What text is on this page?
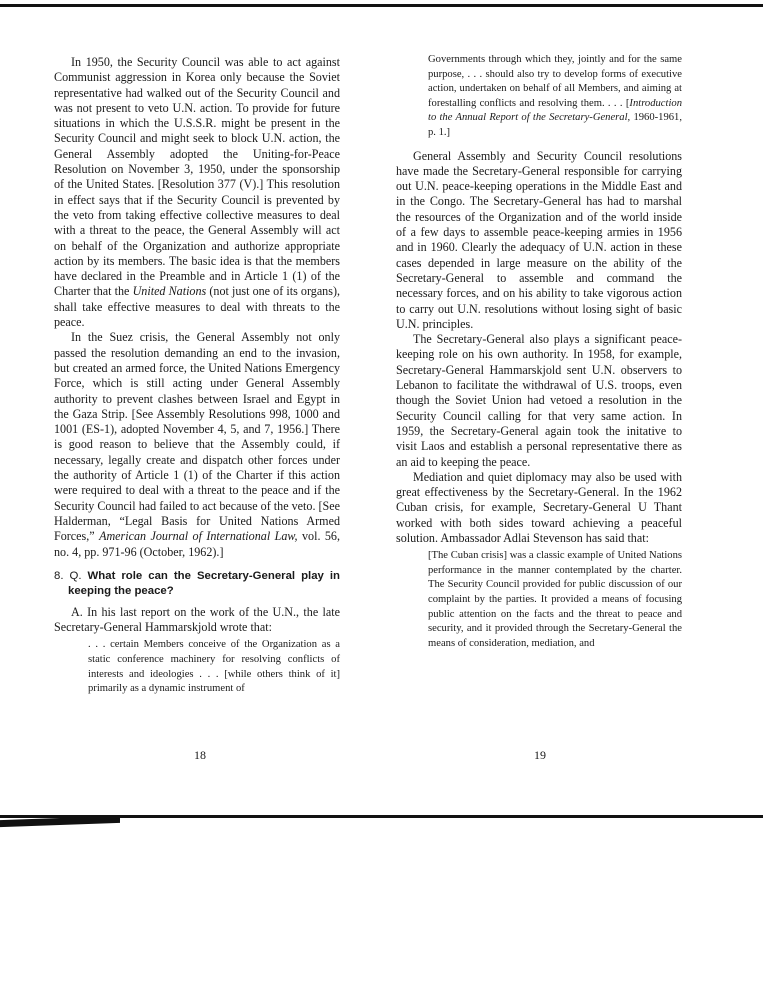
In 1950, the Security Council was able to act against Communist aggression in Korea only because the Soviet representative had walked out of the Security Council and was not present to veto U.N. action. To provide for future situations in which the U.S.S.R. might be present in the Security Council and might seek to block U.N. action, the General Assembly adopted the Uniting-for-Peace Resolution on November 3, 1950, under the sponsorship of the United States. [Resolution 377 (V).] This resolution in effect says that if the Security Council is prevented by the veto from taking effective collective measures to deal with a threat to the peace, the General Assembly will act on behalf of the Organization and authorize appropriate action by its members. The basic idea is that the members have declared in the Preamble and in Article 1 (1) of the Charter that the United Nations (not just one of its organs), shall take effective measures to deal with threats to the peace.

In the Suez crisis, the General Assembly not only passed the resolution demanding an end to the invasion, but created an armed force, the United Nations Emergency Force, which is still acting under General Assembly authority to prevent clashes between Israel and Egypt in the Gaza Strip. [See Assembly Resolutions 998, 1000 and 1001 (ES-1), adopted November 4, 5, and 7, 1956.] There is good reason to believe that the Assembly could, if necessary, legally create and dispatch other forces under the authority of Article 1 (1) of the Charter if this action were required to deal with a threat to the peace and if the Security Council had failed to act because of the veto. [See Halderman, “Legal Basis for United Nations Armed Forces,” American Journal of International Law, vol. 56, no. 4, pp. 971-96 (October, 1962).]

8. Q. What role can the Secretary-General play in keeping the peace?

A. In his last report on the work of the U.N., the late Secretary-General Hammarskjold wrote that:

. . . certain Members conceive of the Organization as a static conference machinery for resolving conflicts of interests and ideologies . . . [while others think of it] primarily as a dynamic instrument of

Governments through which they, jointly and for the same purpose, . . . should also try to develop forms of executive action, undertaken on behalf of all Members, and aiming at forestalling conflicts and resolving them. . . . [Introduction to the Annual Report of the Secretary-General, 1960-1961, p. 1.]

General Assembly and Security Council resolutions have made the Secretary-General responsible for carrying out U.N. peace-keeping operations in the Middle East and in the Congo. The Secretary-General has had to marshal the resources of the Organization and of the world inside of a few days to assemble peace-keeping armies in 1956 and in 1960. Clearly the adequacy of U.N. action in these cases depended in large measure on the ability of the Secretary-General to assemble and command the necessary forces, and on his ability to take vigorous action to carry out U.N. resolutions without losing sight of basic U.N. principles.

The Secretary-General also plays a significant peace-keeping role on his own authority. In 1958, for example, Secretary-General Hammarskjold sent U.N. observers to Lebanon to facilitate the withdrawal of U.S. troops, even though the Soviet Union had vetoed a resolution in the Security Council calling for that very same action. In 1959, the Secretary-General again took the initative to visit Laos and establish a personal representative there as an aid to keeping the peace.

Mediation and quiet diplomacy may also be used with great effectiveness by the Secretary-General. In the 1962 Cuban crisis, for example, Secretary-General U Thant worked with both sides toward achieving a peaceful solution. Ambassador Adlai Stevenson has said that:

[The Cuban crisis] was a classic example of United Nations performance in the manner contemplated by the charter. The Security Council provided for public discussion of our complaint by the parties. It provided a means of focusing public attention on the facts and the threat to peace and security, and it provided through the Secretary-General the means of consideration, mediation, and

18	19
